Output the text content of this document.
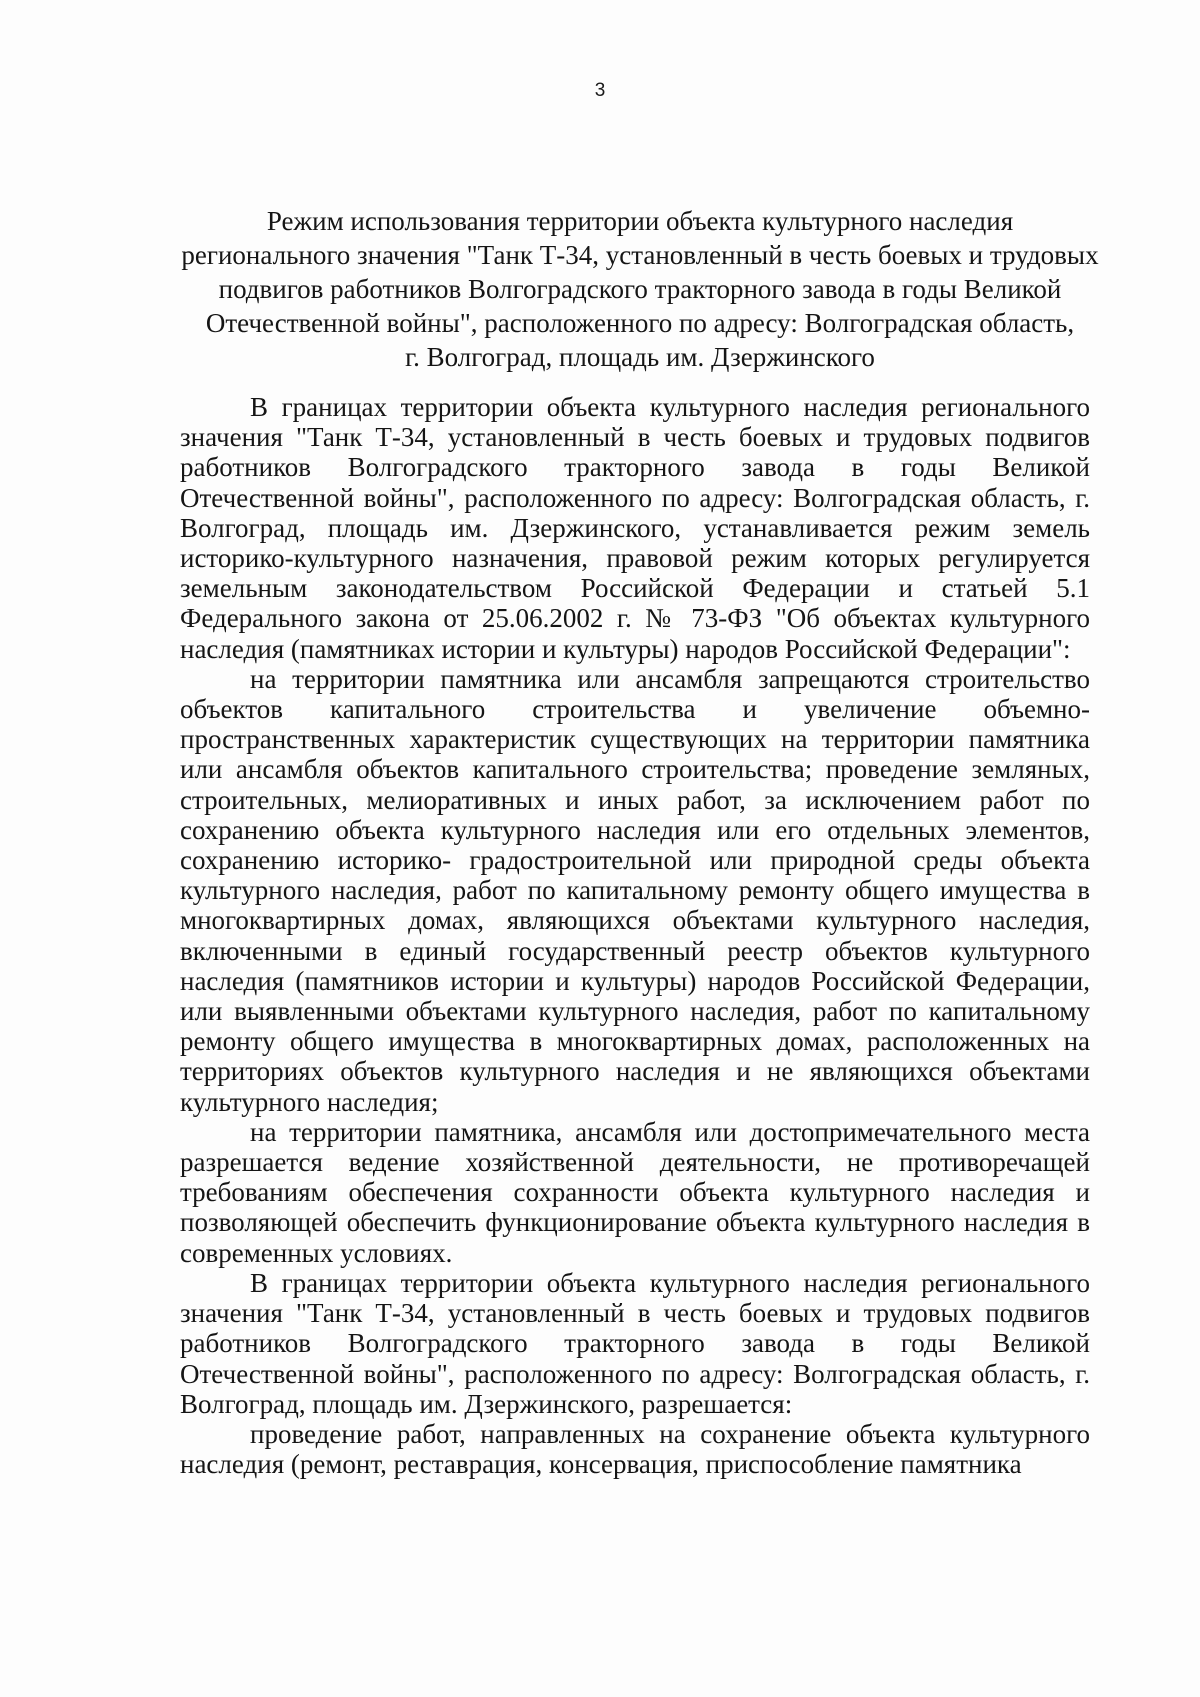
3
Режим использования территории объекта культурного наследия
регионального значения "Танк Т-34, установленный в честь боевых и трудовых
подвигов работников Волгоградского тракторного завода в годы Великой
Отечественной войны", расположенного по адресу: Волгоградская область,
г. Волгоград, площадь им. Дзержинского

В границах территории объекта культурного наследия регионального значения "Танк Т-34, установленный в честь боевых и трудовых подвигов работников Волгоградского тракторного завода в годы Великой Отечественной войны", расположенного по адресу: Волгоградская область, г. Волгоград, площадь им. Дзержинского, устанавливается режим земель историко-культурного назначения, правовой режим которых регулируется земельным законодательством Российской Федерации и статьей 5.1 Федерального закона от 25.06.2002 г. № 73-ФЗ "Об объектах культурного наследия (памятниках истории и культуры) народов Российской Федерации":

на территории памятника или ансамбля запрещаются строительство объектов капитального строительства и увеличение объемно-пространственных характеристик существующих на территории памятника или ансамбля объектов капитального строительства; проведение земляных, строительных, мелиоративных и иных работ, за исключением работ по сохранению объекта культурного наследия или его отдельных элементов, сохранению историко- градостроительной или природной среды объекта культурного наследия, работ по капитальному ремонту общего имущества в многоквартирных домах, являющихся объектами культурного наследия, включенными в единый государственный реестр объектов культурного наследия (памятников истории и культуры) народов Российской Федерации, или выявленными объектами культурного наследия, работ по капитальному ремонту общего имущества в многоквартирных домах, расположенных на территориях объектов культурного наследия и не являющихся объектами культурного наследия;

на территории памятника, ансамбля или достопримечательного места разрешается ведение хозяйственной деятельности, не противоречащей требованиям обеспечения сохранности объекта культурного наследия и позволяющей обеспечить функционирование объекта культурного наследия в современных условиях.

В границах территории объекта культурного наследия регионального значения "Танк Т-34, установленный в честь боевых и трудовых подвигов работников Волгоградского тракторного завода в годы Великой Отечественной войны", расположенного по адресу: Волгоградская область, г. Волгоград, площадь им. Дзержинского, разрешается:

проведение работ, направленных на сохранение объекта культурного наследия (ремонт, реставрация, консервация, приспособление памятника
